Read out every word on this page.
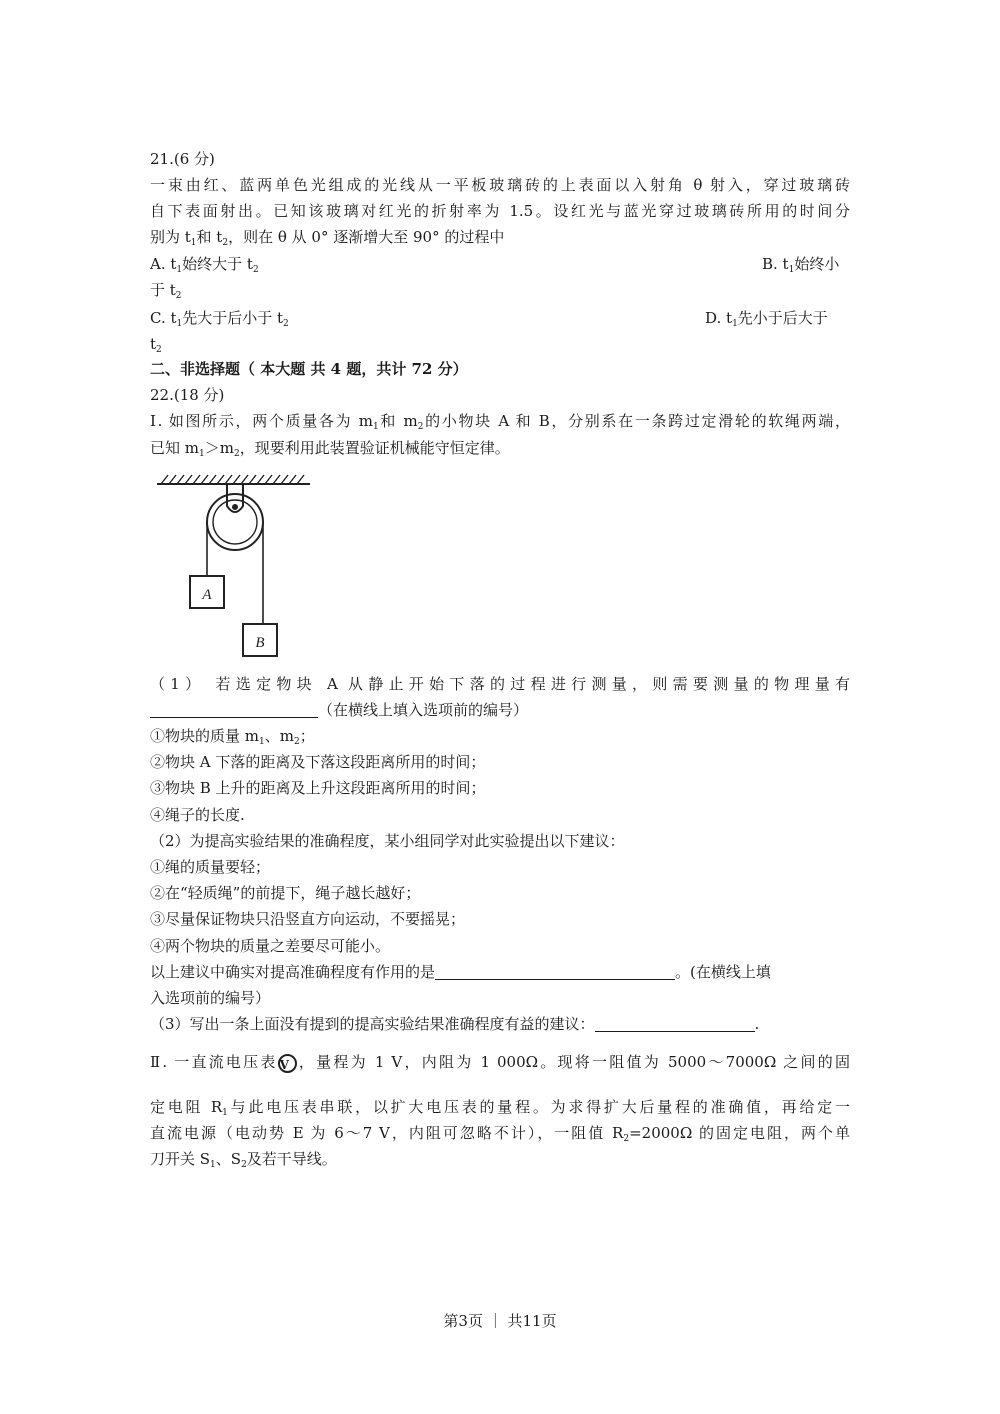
21.(6 分)
一束由红、蓝两单色光组成的光线从一平板玻璃砖的上表面以入射角 θ 射入，穿过玻璃砖
自下表面射出。已知该玻璃对红光的折射率为 1.5。设红光与蓝光穿过玻璃砖所用的时间分
别为 $t_1$和 $t_2$，则在 θ 从 0° 逐渐增大至 90° 的过程中
A. $t_1$始终大于 $t_2$	B. $t_1$始终小
于 $t_2$
C. $t_1$先大于后小于 $t_2$	D. $t_1$先小于后大于
$t_2$
二、非选择题（ 本大题 共 4 题，共计 72 分）
22.(18 分)
Ⅰ. 如图所示，两个质量各为 $m_1$和 $m_2$的小物块 A 和 B，分别系在一条跨过定滑轮的软绳两端，
已知 $m_1>m_2$，现要利用此装置验证机械能守恒定律。
（1） 若选定物块 A 从静止开始下落的过程进行测量，则需要测量的物理量有
（在横线上填入选项前的编号）
①物块的质量 $m_1$、$m_2$；
②物块 A 下落的距离及下落这段距离所用的时间；
③物块 B 上升的距离及上升这段距离所用的时间；
④绳子的长度.
（2）为提高实验结果的准确程度，某小组同学对此实验提出以下建议：
①绳的质量要轻；
②在“轻质绳”的前提下，绳子越长越好；
③尽量保证物块只沿竖直方向运动，不要摇晃；
④两个物块的质量之差要尽可能小。
以上建议中确实对提高准确程度有作用的是	。(在横线上填
入选项前的编号）
（3）写出一条上面没有提到的提高实验结果准确程度有益的建议：	.
Ⅱ. 一直流电压表 V ，量程为 1 V，内阻为 1 000Ω。现将一阻值为 5000～7000Ω 之间的固
定电阻 $R_1$与此电压表串联，以扩大电压表的量程。为求得扩大后量程的准确值，再给定一
直流电源（电动势 E 为 6～7 V，内阻可忽略不计），一阻值 $R_2=2000\Omega$ 的固定电阻，两个单
刀开关 $S_1$、$S_2$及若干导线。
A
B
第3页 ｜ 共11页
